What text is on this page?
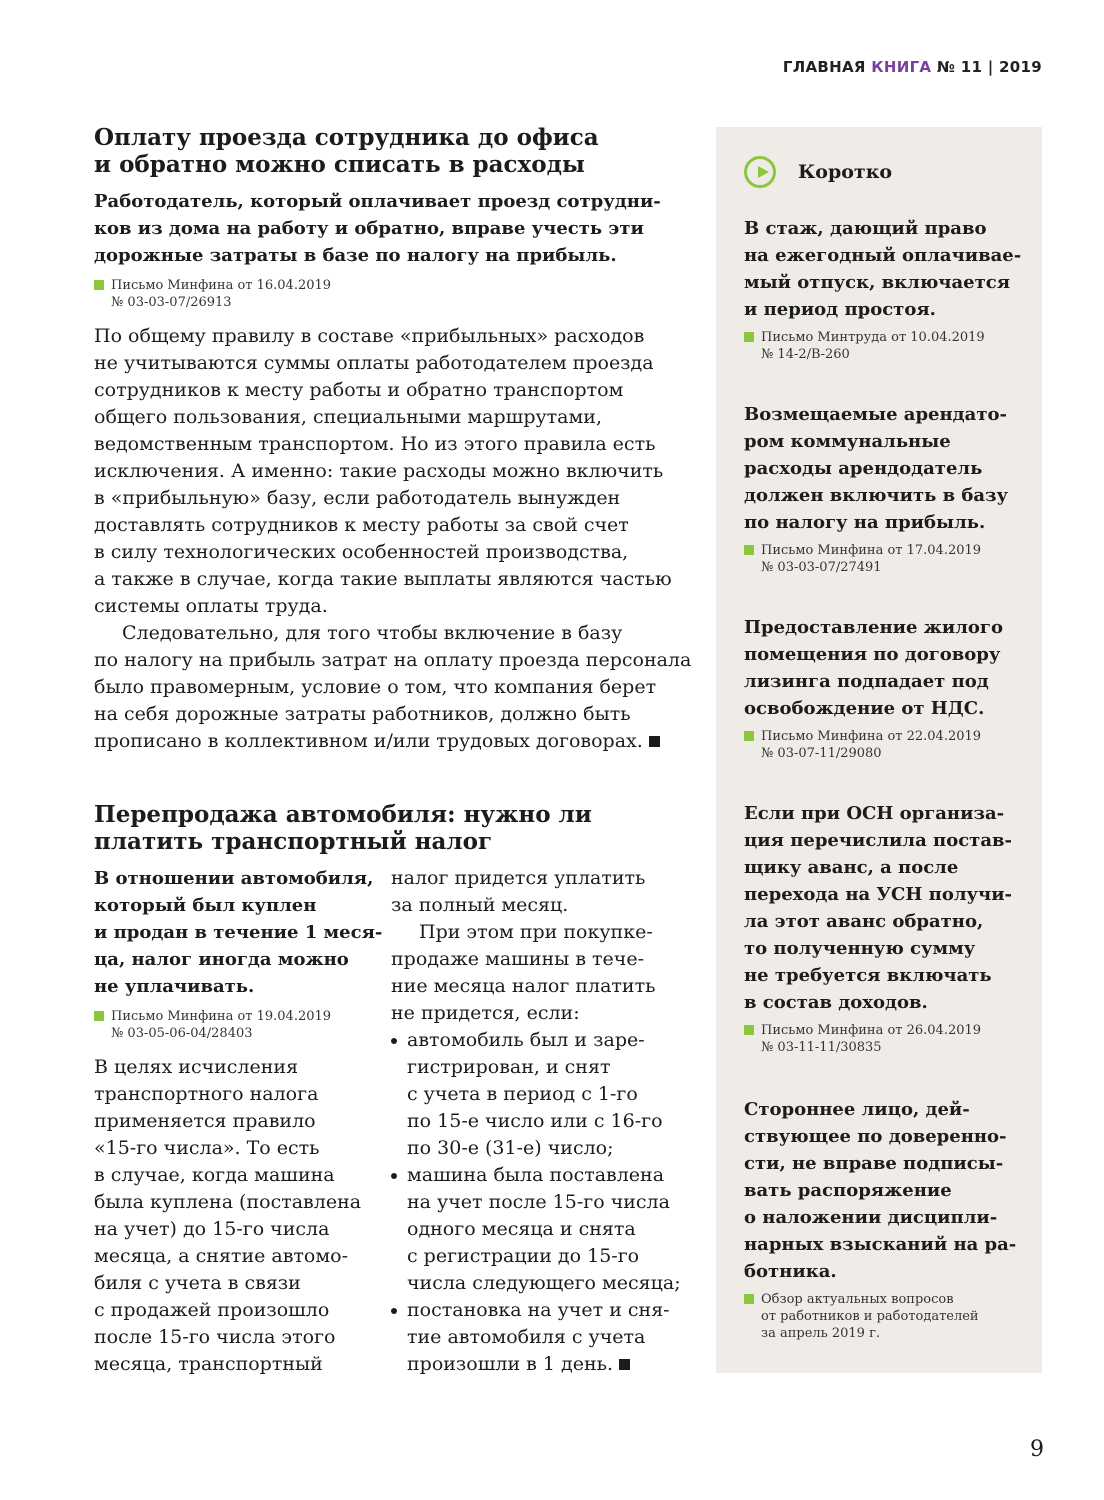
ГЛАВНАЯ КНИГА № 11 | 2019
Оплату проезда сотрудника до офиса
и обратно можно списать в расходы
Работодатель, который оплачивает проезд сотрудни-
ков из дома на работу и обратно, вправе учесть эти
дорожные затраты в базе по налогу на прибыль.
Письмо Минфина от 16.04.2019
№ 03-03-07/26913

По общему правилу в составе «прибыльных» расходов
не учитываются суммы оплаты работодателем проезда
сотрудников к месту работы и обратно транспортом
общего пользования, специальными маршрутами,
ведомственным транспортом. Но из этого правила есть
исключения. А именно: такие расходы можно включить
в «прибыльную» базу, если работодатель вынужден
доставлять сотрудников к месту работы за свой счет
в силу технологических особенностей производства,
а также в случае, когда такие выплаты являются частью
системы оплаты труда.

Следовательно, для того чтобы включение в базу
по налогу на прибыль затрат на оплату проезда персонала
было правомерным, условие о том, что компания берет
на себя дорожные затраты работников, должно быть
прописано в коллективном и/или трудовых договорах.

Перепродажа автомобиля: нужно ли
платить транспортный налог
В отношении автомобиля,
который был куплен
и продан в течение 1 меся-
ца, налог иногда можно
не уплачивать.
Письмо Минфина от 19.04.2019
№ 03-05-06-04/28403
В целях исчисления
транспортного налога
применяется правило
«15-го числа». То есть
в случае, когда машина
была куплена (поставлена
на учет) до 15-го числа
месяца, а снятие автомо-
биля с учета в связи
с продажей произошло
после 15-го числа этого
месяца, транспортный
налог придется уплатить
за полный месяц.
При этом при покупке-
продаже машины в тече-
ние месяца налог платить
не придется, если:
автомобиль был и заре-
гистрирован, и снят
с учета в период с 1-го
по 15-е число или с 16-го
по 30-е (31-е) число;
машина была поставлена
на учет после 15-го числа
одного месяца и снята
с регистрации до 15-го
числа следующего месяца;
постановка на учет и сня-
тие автомобиля с учета
произошли в 1 день.
Коротко

В стаж, дающий право
на ежегодный оплачивае-
мый отпуск, включается
и период простоя.

Письмо Минтруда от 10.04.2019
№ 14-2/В-260

Возмещаемые арендато-
ром коммунальные
расходы арендодатель
должен включить в базу
по налогу на прибыль.

Письмо Минфина от 17.04.2019
№ 03-03-07/27491

Предоставление жилого
помещения по договору
лизинга подпадает под
освобождение от НДС.

Письмо Минфина от 22.04.2019
№ 03-07-11/29080

Если при ОСН организа-
ция перечислила постав-
щику аванс, а после
перехода на УСН получи-
ла этот аванс обратно,
то полученную сумму
не требуется включать
в состав доходов.

Письмо Минфина от 26.04.2019
№ 03-11-11/30835

Стороннее лицо, дей-
ствующее по доверенно-
сти, не вправе подписы-
вать распоряжение
о наложении дисципли-
нарных взысканий на ра-
ботника.

Обзор актуальных вопросов
от работников и работодателей
за апрель 2019 г.
9
